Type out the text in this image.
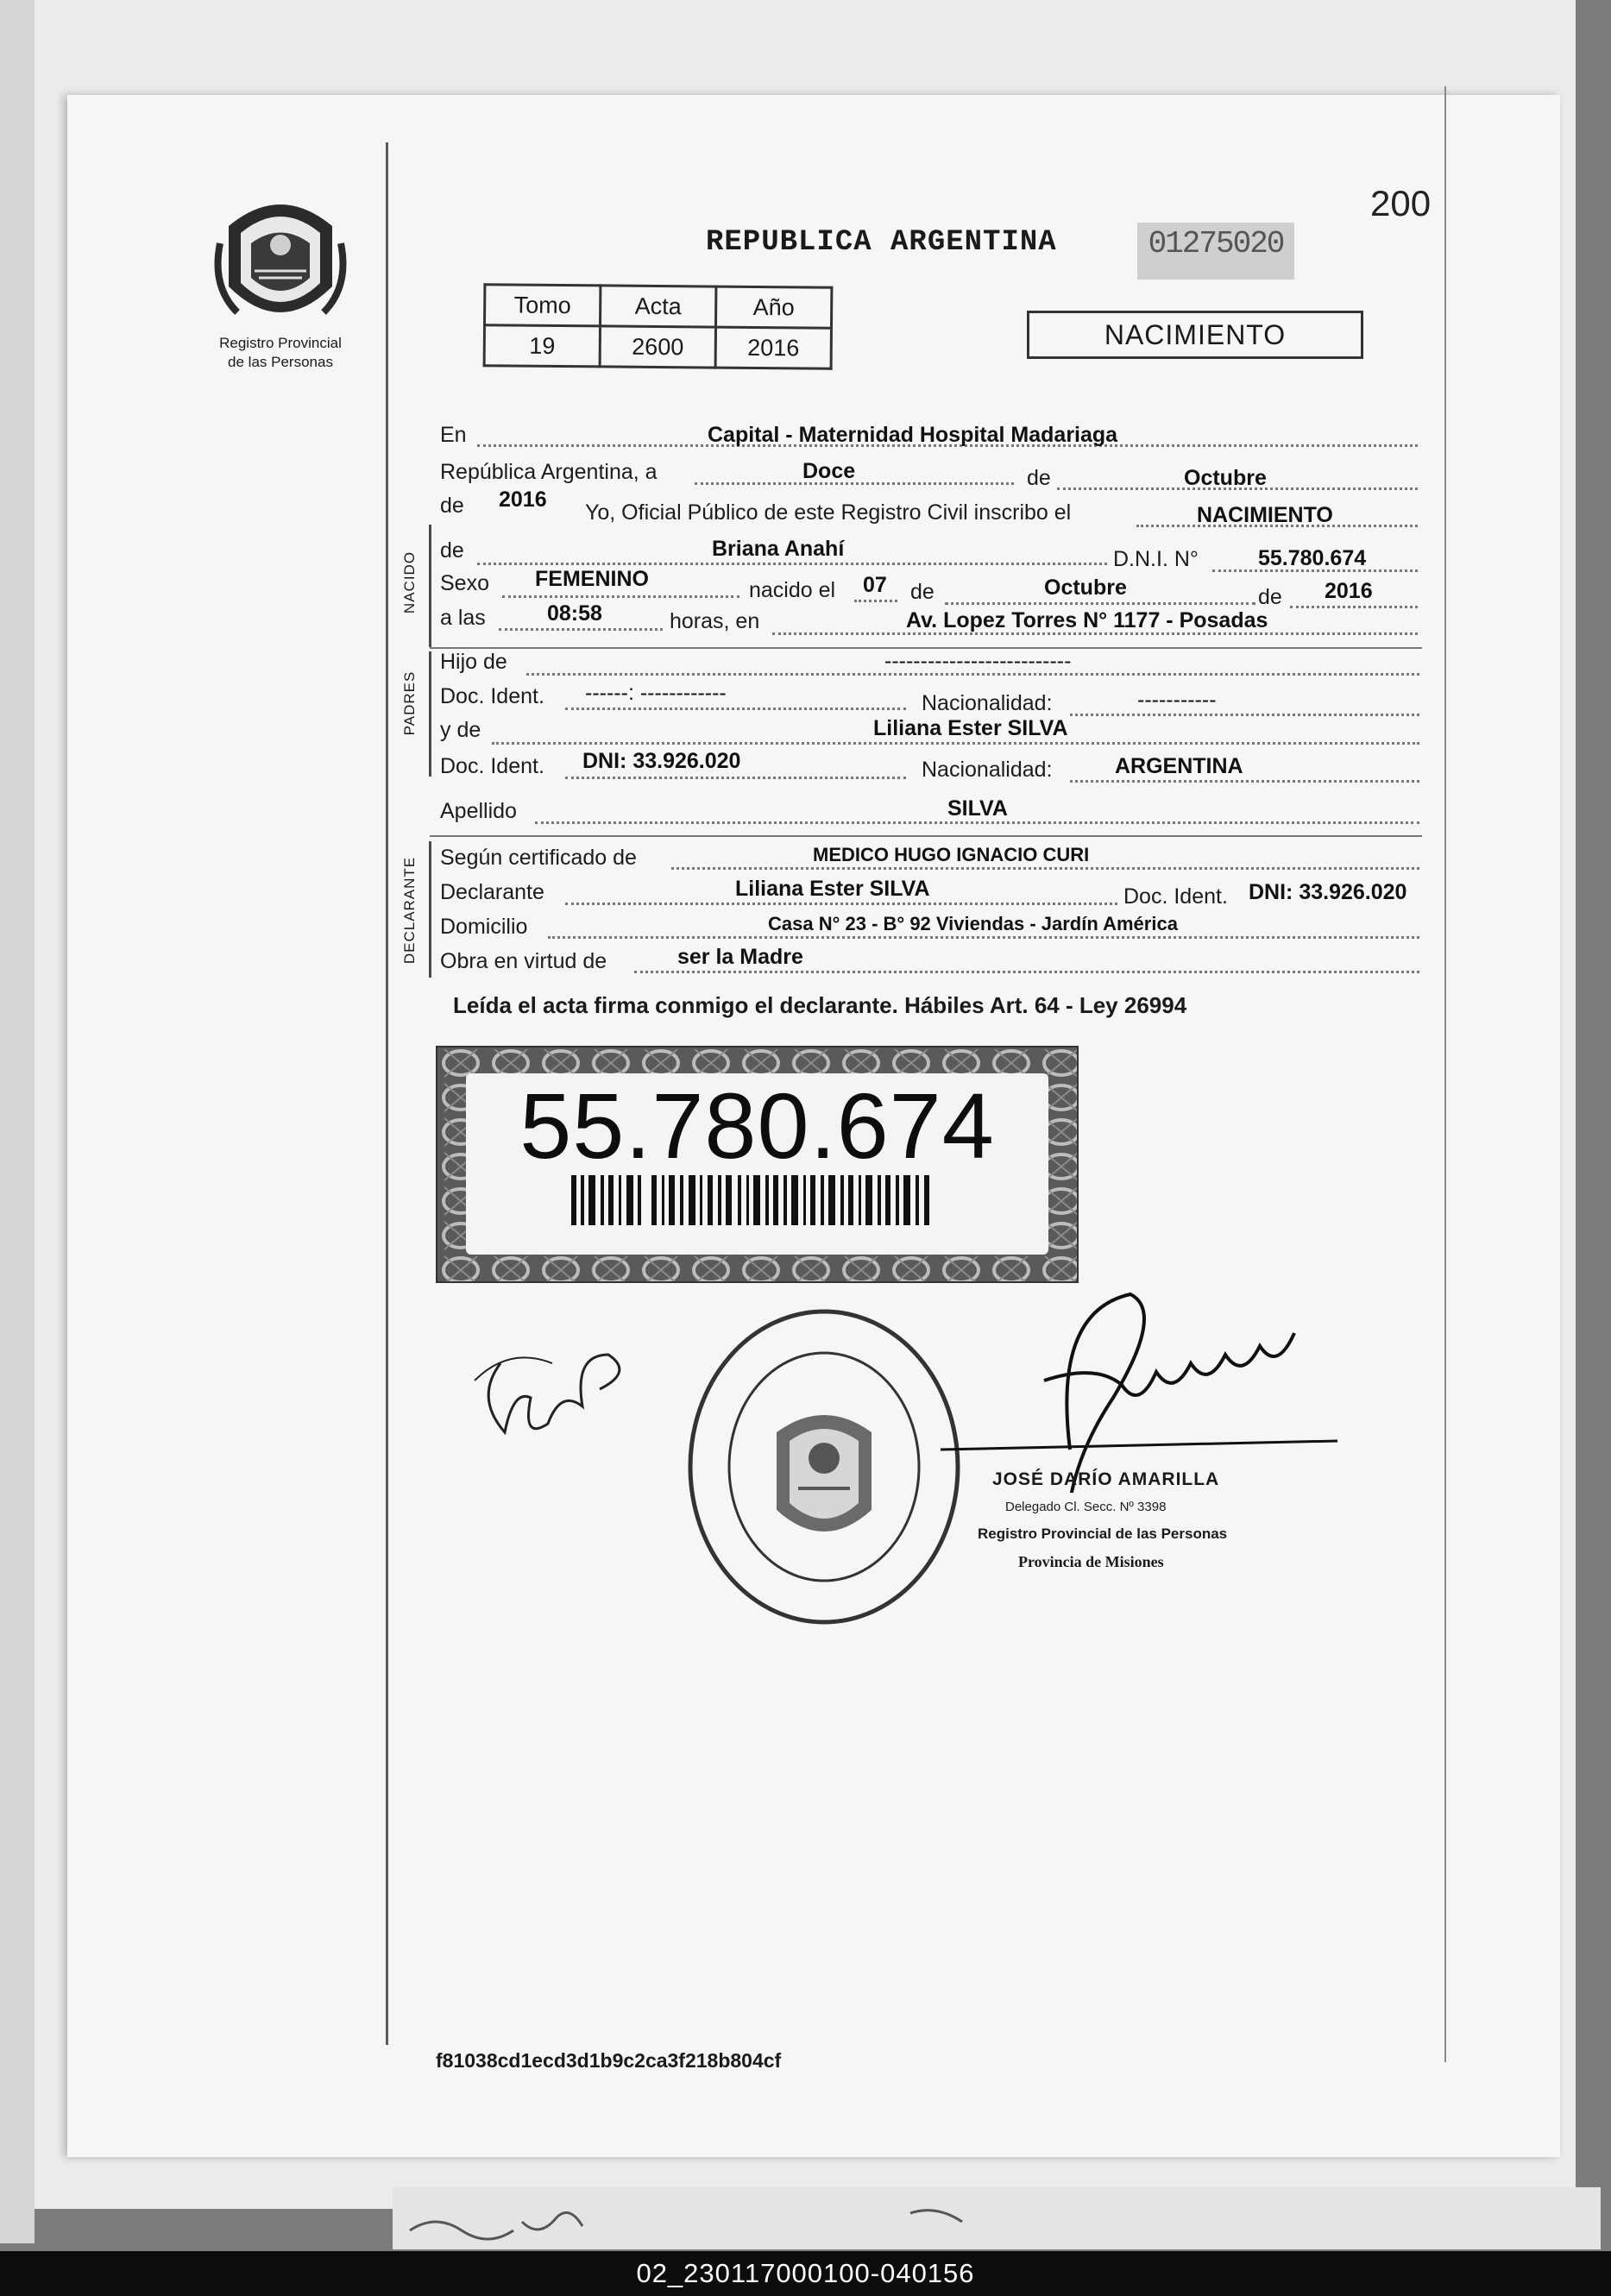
200
REPUBLICA ARGENTINA	01275020
Registro Provincial
de las Personas
Tomo	Acta	Año
19	2600	2016	NACIMIENTO
NACIDO
PADRES
DECLARANTE
En	Capital - Maternidad Hospital Madariaga
República Argentina, a	Doce	de	Octubre
de 2016
Yo, Oficial Público de este Registro Civil inscribo el	NACIMIENTO
de	Briana Anahí	D.N.I. N°	55.780.674
Sexo FEMENINO	nacido el 07 de	Octubre	de 2016
a las	08:58	horas, en	Av. Lopez Torres N° 1177 - Posadas
Hijo de	--------------------------
Doc. Ident. ------: ------------	Nacionalidad:	-----------
y de	Liliana Ester SILVA
Doc. Ident. DNI: 33.926.020	Nacionalidad:	ARGENTINA
Apellido	SILVA
Según certificado de	MEDICO HUGO IGNACIO CURI
Declarante	Liliana Ester SILVA	Doc. Ident. DNI: 33.926.020
Domicilio	Casa N° 23 - B° 92 Viviendas - Jardín América
Obra en virtud de	ser la Madre
Leída el acta firma conmigo el declarante. Hábiles Art. 64 - Ley 26994
55.780.674
JOSÉ DARÍO AMARILLA
Delegado Cl. Secc. Nº 3398
Registro Provincial de las Personas
Provincia de Misiones
f81038cd1ecd3d1b9c2ca3f218b804cf
02_230117000100-040156
